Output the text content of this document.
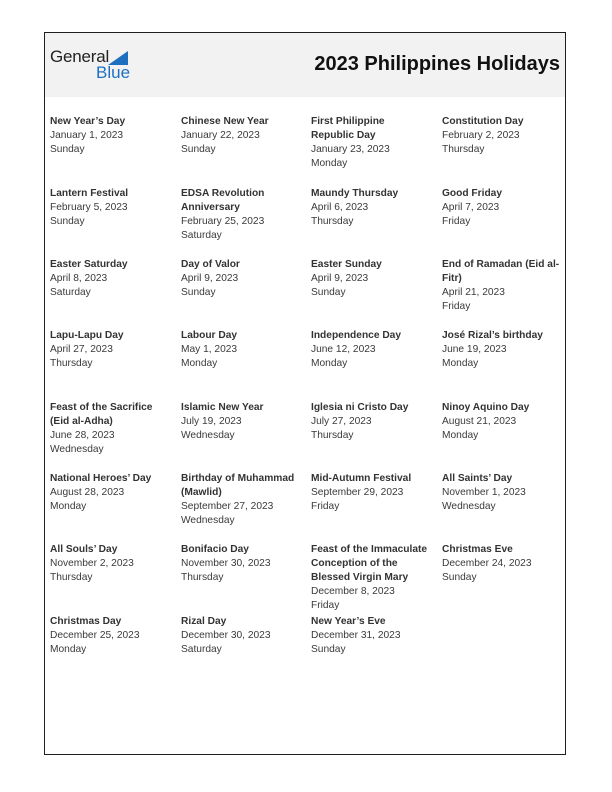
General
Blue	2023 Philippines Holidays
New Year’s Day
January 1, 2023
Sunday
Chinese New Year
January 22, 2023
Sunday
First Philippine Republic Day
January 23, 2023
Monday
Constitution Day
February 2, 2023
Thursday
Lantern Festival
February 5, 2023
Sunday
EDSA Revolution Anniversary
February 25, 2023
Saturday
Maundy Thursday
April 6, 2023
Thursday
Good Friday
April 7, 2023
Friday
Easter Saturday
April 8, 2023
Saturday
Day of Valor
April 9, 2023
Sunday
Easter Sunday
April 9, 2023
Sunday
End of Ramadan (Eid al-Fitr)
April 21, 2023
Friday
Lapu-Lapu Day
April 27, 2023
Thursday
Labour Day
May 1, 2023
Monday
Independence Day
June 12, 2023
Monday
José Rizal’s birthday
June 19, 2023
Monday
Feast of the Sacrifice (Eid al-Adha)
June 28, 2023
Wednesday
Islamic New Year
July 19, 2023
Wednesday
Iglesia ni Cristo Day
July 27, 2023
Thursday
Ninoy Aquino Day
August 21, 2023
Monday
National Heroes’ Day
August 28, 2023
Monday
Birthday of Muhammad (Mawlid)
September 27, 2023
Wednesday
Mid-Autumn Festival
September 29, 2023
Friday
All Saints’ Day
November 1, 2023
Wednesday
All Souls’ Day
November 2, 2023
Thursday
Bonifacio Day
November 30, 2023
Thursday
Feast of the Immaculate Conception of the Blessed Virgin Mary
December 8, 2023
Friday
Christmas Eve
December 24, 2023
Sunday
Christmas Day
December 25, 2023
Monday
Rizal Day
December 30, 2023
Saturday
New Year’s Eve
December 31, 2023
Sunday
